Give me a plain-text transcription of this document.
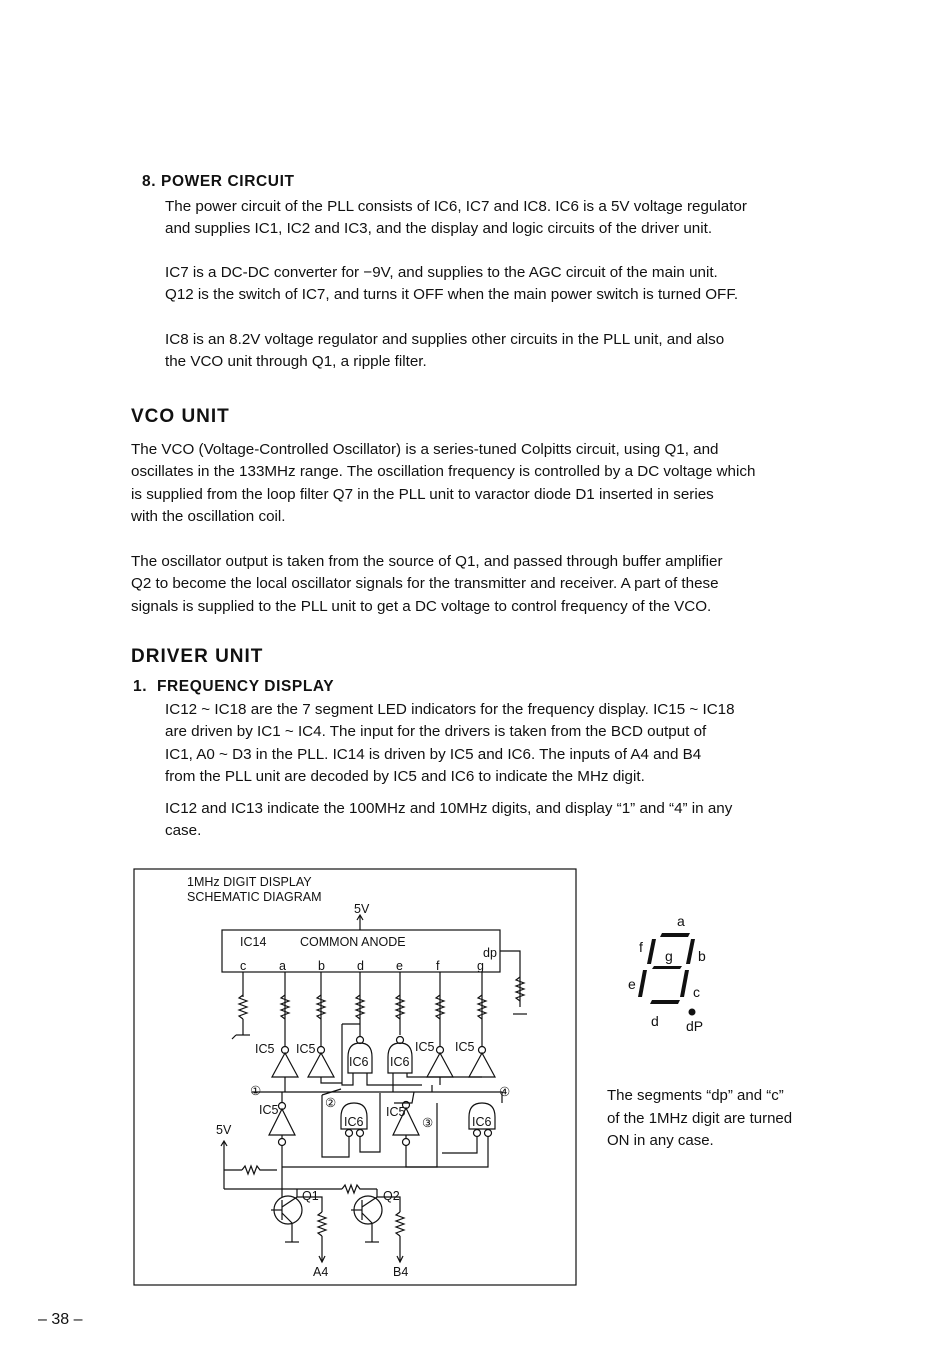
8. POWER CIRCUIT
The power circuit of the PLL consists of IC6, IC7 and IC8. IC6 is a 5V voltage regulator
and supplies IC1, IC2 and IC3, and the display and logic circuits of the driver unit.
IC7 is a DC-DC converter for −9V, and supplies to the AGC circuit of the main unit.
Q12 is the switch of IC7, and turns it OFF when the main power switch is turned OFF.
IC8 is an 8.2V voltage regulator and supplies other circuits in the PLL unit, and also
the VCO unit through Q1, a ripple filter.
VCO UNIT
The VCO (Voltage-Controlled Oscillator) is a series-tuned Colpitts circuit, using Q1, and
oscillates in the 133MHz range. The oscillation frequency is controlled by a DC voltage which
is supplied from the loop filter Q7 in the PLL unit to varactor diode D1 inserted in series
with the oscillation coil.
The oscillator output is taken from the source of Q1, and passed through buffer amplifier
Q2 to become the local oscillator signals for the transmitter and receiver. A part of these
signals is supplied to the PLL unit to get a DC voltage to control frequency of the VCO.
DRIVER UNIT
1.  FREQUENCY DISPLAY
IC12 ~ IC18 are the 7 segment LED indicators for the frequency display. IC15 ~ IC18
are driven by IC1 ~ IC4. The input for the drivers is taken from the BCD output of
IC1, A0 ~ D3 in the PLL. IC14 is driven by IC5 and IC6. The inputs of A4 and B4
from the PLL unit are decoded by IC5 and IC6 to indicate the MHz digit.
IC12 and IC13 indicate the 100MHz and 10MHz digits, and display “1” and “4” in any
case.
1MHz DIGIT DISPLAY
SCHEMATIC DIAGRAM
5V
IC14	COMMON ANODE
dp
c	a	b	d	e	f	g
IC5 IC5
IC6 IC6
IC5 IC5
①	④
②
IC5
IC6
IC5
③	IC6
5V
Q1	Q2
A4	B4
a
b
c
d
e
f
g
dP
The segments “dp” and “c”
of the 1MHz digit are turned
ON in any case.
– 38 –
